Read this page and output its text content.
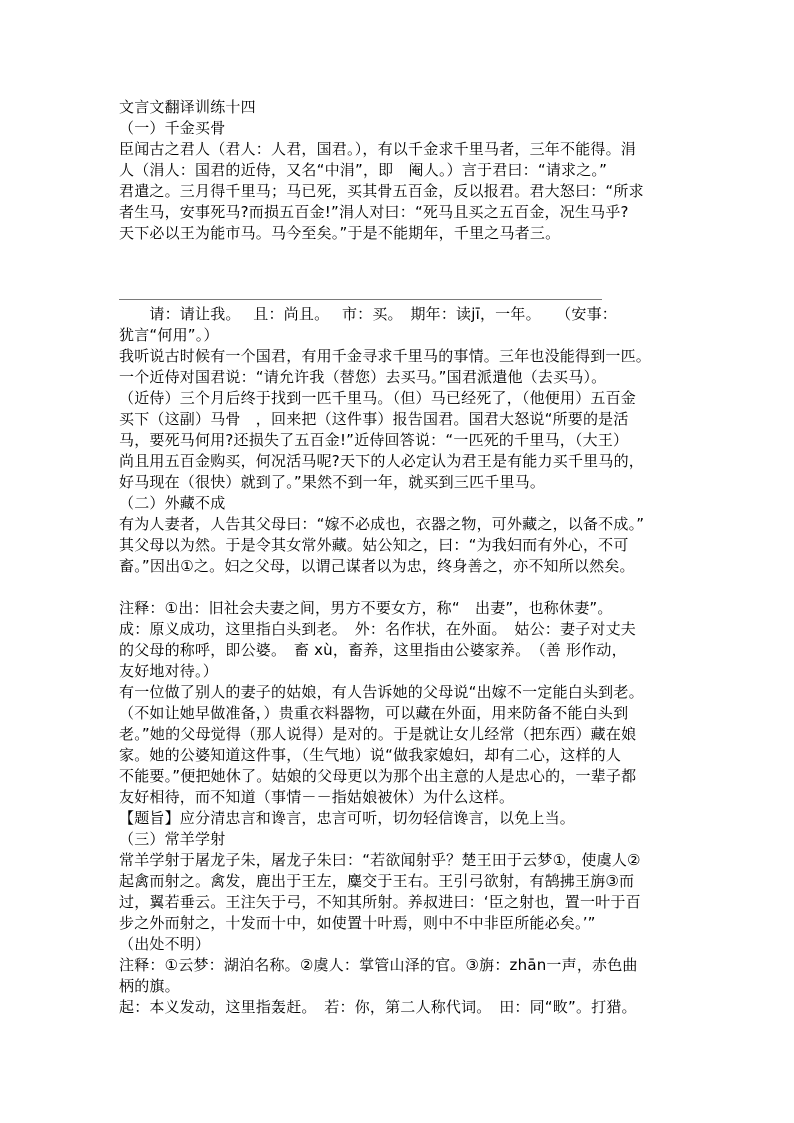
文言文翻译训练十四

（一）千金买骨

臣闻古之君人（君人：人君，国君。），有以千金求千里马者，三年不能得。涓

人（涓人：国君的近侍，又名“中涓”，即　阉人。）言于君曰：“请求之。”

君遣之。三月得千里马；马已死，买其骨五百金，反以报君。君大怒曰：“所求

者生马，安事死马?而损五百金!”涓人对曰：“死马且买之五百金，况生马乎?

天下必以王为能市马。马今至矣。”于是不能期年，千里之马者三。

　　请：请让我。　 且：尚且。　 市：买。　期年：读jī，一年。　　（安事：

犹言“何用”。）

我听说古时候有一个国君，有用千金寻求千里马的事情。三年也没能得到一匹。

一个近侍对国君说：“请允许我（替您）去买马。”国君派遣他（去买马）。

（近侍）三个月后终于找到一匹千里马。（但）马已经死了，（他便用）五百金

买下（这副）马骨　，回来把（这件事）报告国君。国君大怒说“所要的是活

马，要死马何用?还损失了五百金!”近侍回答说：“一匹死的千里马，（大王）

尚且用五百金购买，何况活马呢?天下的人必定认为君王是有能力买千里马的，

好马现在（很快）就到了。”果然不到一年，就买到三匹千里马。

（二）外藏不成

有为人妻者，人告其父母曰：“嫁不必成也，衣器之物，可外藏之，以备不成。”

其父母以为然。于是令其女常外藏。姑公知之，曰：“为我妇而有外心，不可

畜。”因出①之。妇之父母，以谓己谋者以为忠，终身善之，亦不知所以然矣。

注释：①出：旧社会夫妻之间，男方不要女方，称“　出妻”，也称休妻”。

成：原义成功，这里指白头到老。　外：名作状，在外面。　姑公：妻子对丈夫

的父母的称呼，即公婆。　畜 xù，畜养，这里指由公婆家养。　（善 形作动，

友好地对待。）

有一位做了别人的妻子的姑娘，有人告诉她的父母说“出嫁不一定能白头到老。

（不如让她早做准备，）贵重衣料器物，可以藏在外面，用来防备不能白头到

老。”她的父母觉得（那人说得）是对的。于是就让女儿经常（把东西）藏在娘

家。她的公婆知道这件事，（生气地）说“做我家媳妇，却有二心，这样的人

不能要。”便把她休了。姑娘的父母更以为那个出主意的人是忠心的，一辈子都

友好相待，而不知道（事情－－指姑娘被休）为什么这样。

【题旨】应分清忠言和谗言，忠言可听，切勿轻信谗言，以免上当。

（三）常羊学射

常羊学射于屠龙子朱，屠龙子朱曰：“若欲闻射乎？楚王田于云梦①，使虞人②

起禽而射之。禽发，鹿出于王左，麋交于王右。王引弓欲射，有鹄拂王旃③而

过，翼若垂云。王注矢于弓，不知其所射。养叔进曰：‘臣之射也，置一叶于百

步之外而射之，十发而十中，如使置十叶焉，则中不中非臣所能必矣。’”

（出处不明）

注释：①云梦：湖泊名称。②虞人：掌管山泽的官。③旃：zhān一声，赤色曲

柄的旗。

起：本义发动，这里指轰赶。　若：你，第二人称代词。　田：同“畋”。打猎。
